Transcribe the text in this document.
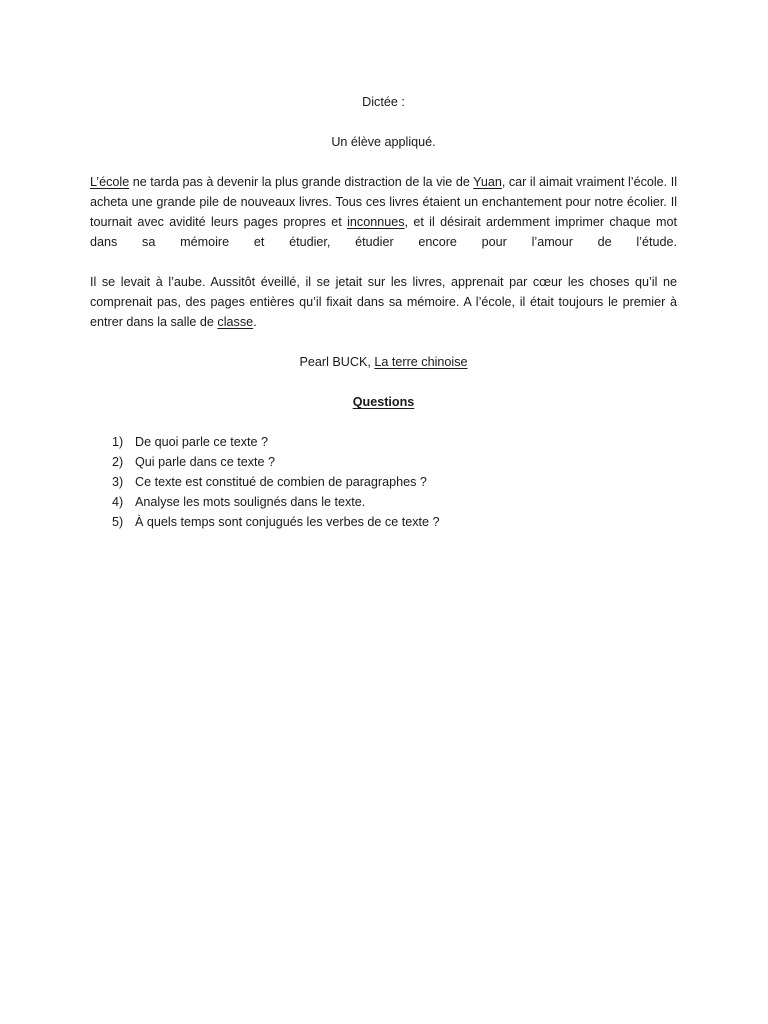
Dictée :

Un élève appliqué.

L’école ne tarda pas à devenir la plus grande distraction de la vie de Yuan, car il aimait vraiment l’école. Il acheta une grande pile de nouveaux livres. Tous ces livres étaient un enchantement pour notre écolier. Il tournait avec avidité leurs pages propres et inconnues, et il désirait ardemment imprimer chaque mot dans sa mémoire et étudier, étudier encore pour l’amour de l’étude.

Il se levait à l’aube. Aussitôt éveillé, il se jetait sur les livres, apprenait par cœur les choses qu’il ne comprenait pas, des pages entières qu’il fixait dans sa mémoire. A l’école, il était toujours le premier à entrer dans la salle de classe.

Pearl BUCK, La terre chinoise

Questions

1) De quoi parle ce texte ?
2) Qui parle dans ce texte ?
3) Ce texte est constitué de combien de paragraphes ?
4) Analyse les mots soulignés dans le texte.
5) À quels temps sont conjugués les verbes de ce texte ?
